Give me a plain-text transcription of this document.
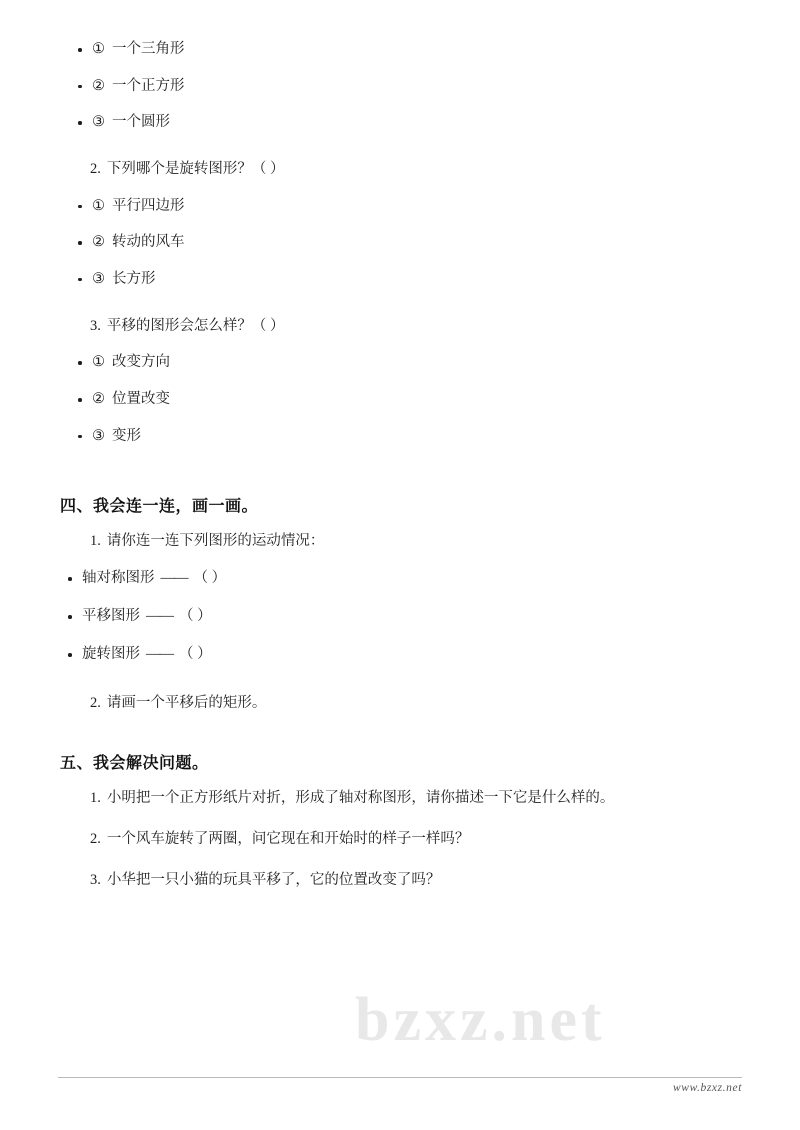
① 一个三角形
② 一个正方形
③ 一个圆形
2. 下列哪个是旋转图形？（ ）
① 平行四边形
② 转动的风车
③ 长方形
3. 平移的图形会怎么样？（ ）
① 改变方向
② 位置改变
③ 变形
四、我会连一连，画一画。
1. 请你连一连下列图形的运动情况：
轴对称图形 —— （ ）
平移图形 —— （ ）
旋转图形 —— （ ）
2. 请画一个平移后的矩形。
五、我会解决问题。
1. 小明把一个正方形纸片对折，形成了轴对称图形，请你描述一下它是什么样的。
2. 一个风车旋转了两圈，问它现在和开始时的样子一样吗？
3. 小华把一只小猫的玩具平移了，它的位置改变了吗？
bzxz.net
www.bzxz.net
